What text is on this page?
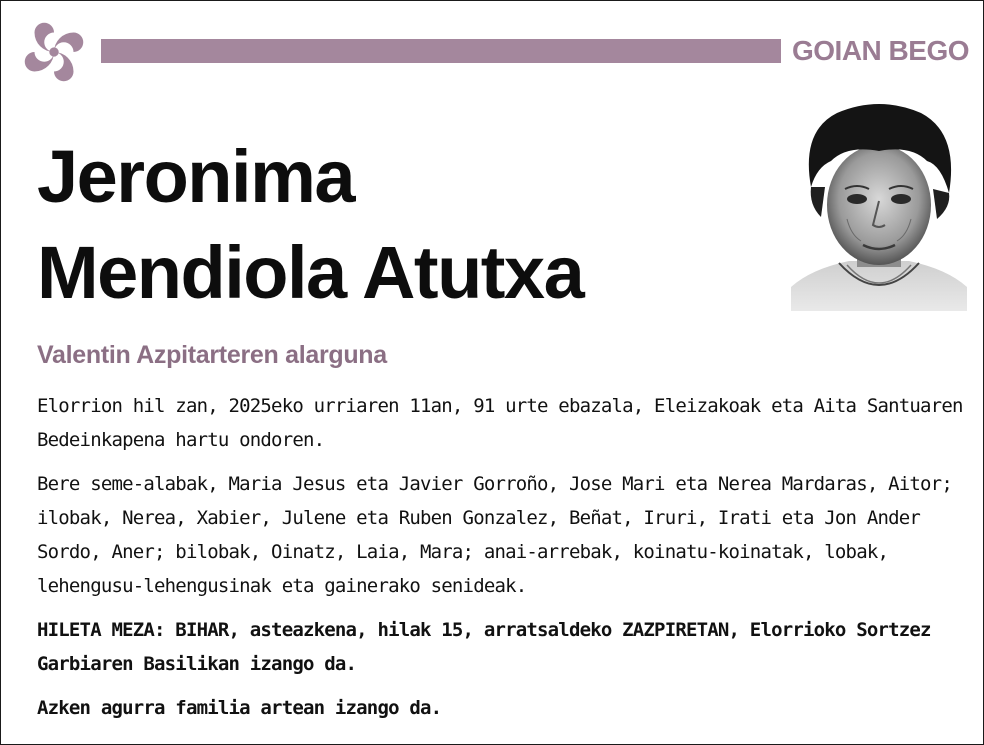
GOIAN BEGO
Jeronima
Mendiola Atutxa
Valentin Azpitarteren alarguna

Elorrion hil zan, 2025eko urriaren 11an, 91 urte ebazala, Eleizakoak eta Aita Santuaren Bedeinkapena hartu ondoren.

Bere seme-alabak, Maria Jesus eta Javier Gorroño, Jose Mari eta Nerea Mardaras, Aitor; ilobak, Nerea, Xabier, Julene eta Ruben Gonzalez, Beñat, Iruri, Irati eta Jon Ander Sordo, Aner; bilobak, Oinatz, Laia, Mara; anai-arrebak, koinatu-koinatak, lobak, lehengusu-lehengusinak eta gainerako senideak.

HILETA MEZA: BIHAR, asteazkena, hilak 15, arratsaldeko ZAZPIRETAN, Elorrioko Sortzez Garbiaren Basilikan izango da.

Azken agurra familia artean izango da.
